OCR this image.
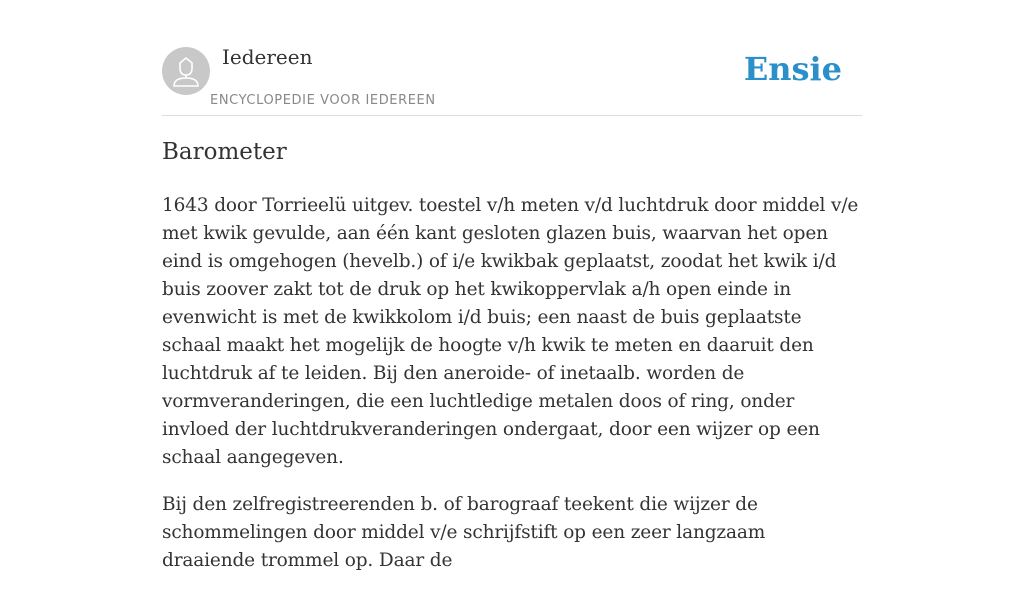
Iedereen
ENCYCLOPEDIE VOOR IEDEREEN
Ensie
Barometer

1643 door Torrieelü uitgev. toestel v/h meten v/d luchtdruk door middel v/e met kwik gevulde, aan één kant gesloten glazen buis, waarvan het open eind is omgehogen (hevelb.) of i/e kwikbak geplaatst, zoodat het kwik i/d buis zoover zakt tot de druk op het kwikoppervlak a/h open einde in evenwicht is met de kwikkolom i/d buis; een naast de buis geplaatste schaal maakt het mogelijk de hoogte v/h kwik te meten en daaruit den luchtdruk af te leiden. Bij den aneroide- of inetaalb. worden de vormveranderingen, die een luchtledige metalen doos of ring, onder invloed der luchtdrukveranderingen ondergaat, door een wijzer op een schaal aangegeven.

Bij den zelfregistreerenden b. of barograaf teekent die wijzer de schommelingen door middel v/e schrijfstift op een zeer langzaam draaiende trommel op. Daar de
